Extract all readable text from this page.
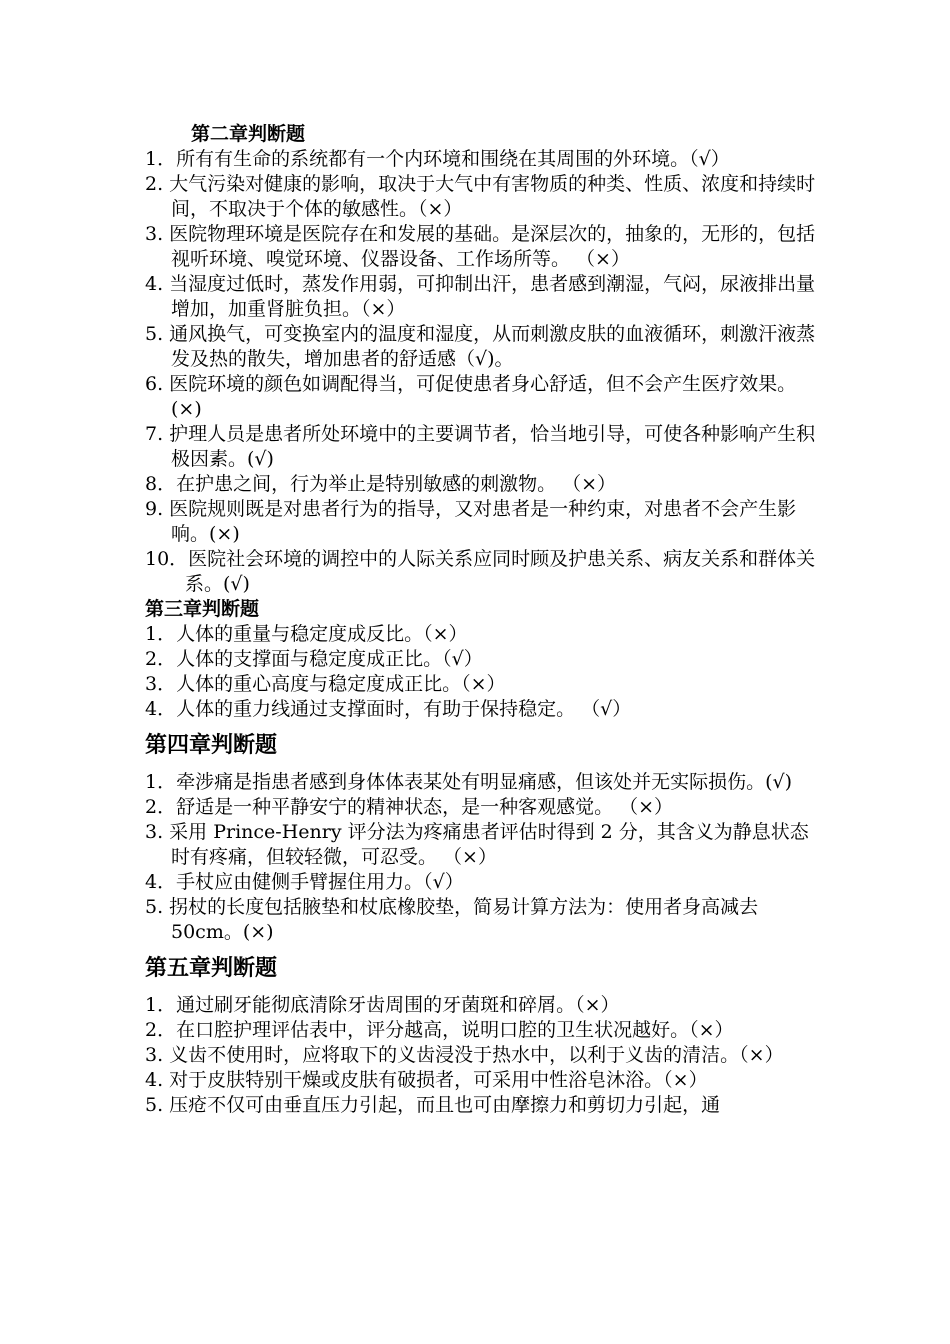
第二章判断题
1．所有有生命的系统都有一个内环境和围绕在其周围的外环境。（√）
2. 大气污染对健康的影响，取决于大气中有害物质的种类、性质、浓度和持续时间，不取决于个体的敏感性。（×）
3. 医院物理环境是医院存在和发展的基础。是深层次的，抽象的，无形的，包括视听环境、嗅觉环境、仪器设备、工作场所等。 （×）
4. 当湿度过低时，蒸发作用弱，可抑制出汗，患者感到潮湿，气闷，尿液排出量增加，加重肾脏负担。（×）
5. 通风换气，可变换室内的温度和湿度，从而刺激皮肤的血液循环，刺激汗液蒸发及热的散失，增加患者的舒适感（√)。
6. 医院环境的颜色如调配得当，可促使患者身心舒适，但不会产生医疗效果。(×)
7. 护理人员是患者所处环境中的主要调节者，恰当地引导，可使各种影响产生积极因素。(√)
8．在护患之间，行为举止是特别敏感的刺激物。 （×）
9. 医院规则既是对患者行为的指导，又对患者是一种约束，对患者不会产生影响。(×)
10．医院社会环境的调控中的人际关系应同时顾及护患关系、病友关系和群体关系。(√)
第三章判断题
1．人体的重量与稳定度成反比。（×）
2．人体的支撑面与稳定度成正比。（√）
3．人体的重心高度与稳定度成正比。（×）
4．人体的重力线通过支撑面时，有助于保持稳定。 （√）
第四章判断题
1．牵涉痛是指患者感到身体体表某处有明显痛感，但该处并无实际损伤。(√)
2．舒适是一种平静安宁的精神状态，是一种客观感觉。 （×）
3. 采用 Prince-Henry 评分法为疼痛患者评估时得到 2 分，其含义为静息状态时有疼痛，但较轻微，可忍受。 （×）
4．手杖应由健侧手臂握住用力。（√）
5. 拐杖的长度包括腋垫和杖底橡胶垫，简易计算方法为：使用者身高减去 50cm。(×)
第五章判断题
1．通过刷牙能彻底清除牙齿周围的牙菌斑和碎屑。（×）
2．在口腔护理评估表中，评分越高，说明口腔的卫生状况越好。（×）
3. 义齿不使用时，应将取下的义齿浸没于热水中，以利于义齿的清洁。（×）
4. 对于皮肤特别干燥或皮肤有破损者，可采用中性浴皂沐浴。（×）
5. 压疮不仅可由垂直压力引起，而且也可由摩擦力和剪切力引起，通
